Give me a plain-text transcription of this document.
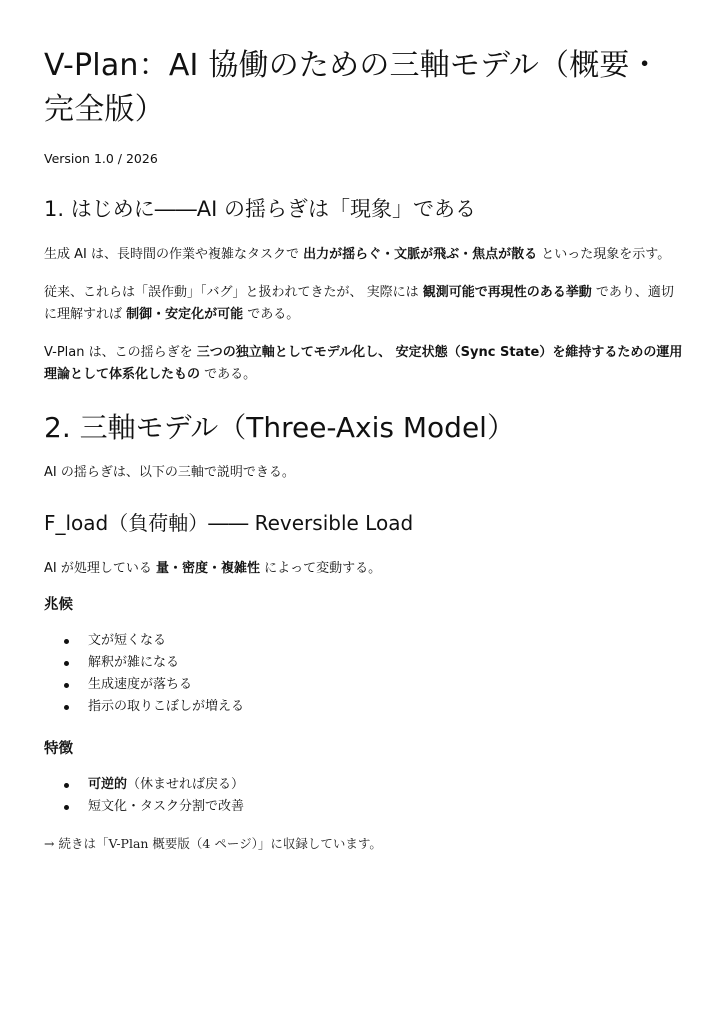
V-Plan：AI 協働のための三軸モデル（概要・完全版）
Version 1.0 / 2026
1. はじめに――AI の揺らぎは「現象」である

生成 AI は、長時間の作業や複雑なタスクで 出力が揺らぐ・文脈が飛ぶ・焦点が散る といった現象を示す。

従来、これらは「誤作動」「バグ」と扱われてきたが、 実際には 観測可能で再現性のある挙動 であり、適切に理解すれば 制御・安定化が可能 である。

V-Plan は、この揺らぎを 三つの独立軸としてモデル化し、 安定状態（Sync State）を維持するための運用理論として体系化したもの である。

2. 三軸モデル（Three-Axis Model）

AI の揺らぎは、以下の三軸で説明できる。

F_load（負荷軸）―― Reversible Load

AI が処理している 量・密度・複雑性 によって変動する。

兆候
文が短くなる
解釈が雑になる
生成速度が落ちる
指示の取りこぼしが増える
特徴
可逆的（休ませれば戻る）
短文化・タスク分割で改善
→ 続きは「V-Plan 概要版（4 ページ）」に収録しています。
